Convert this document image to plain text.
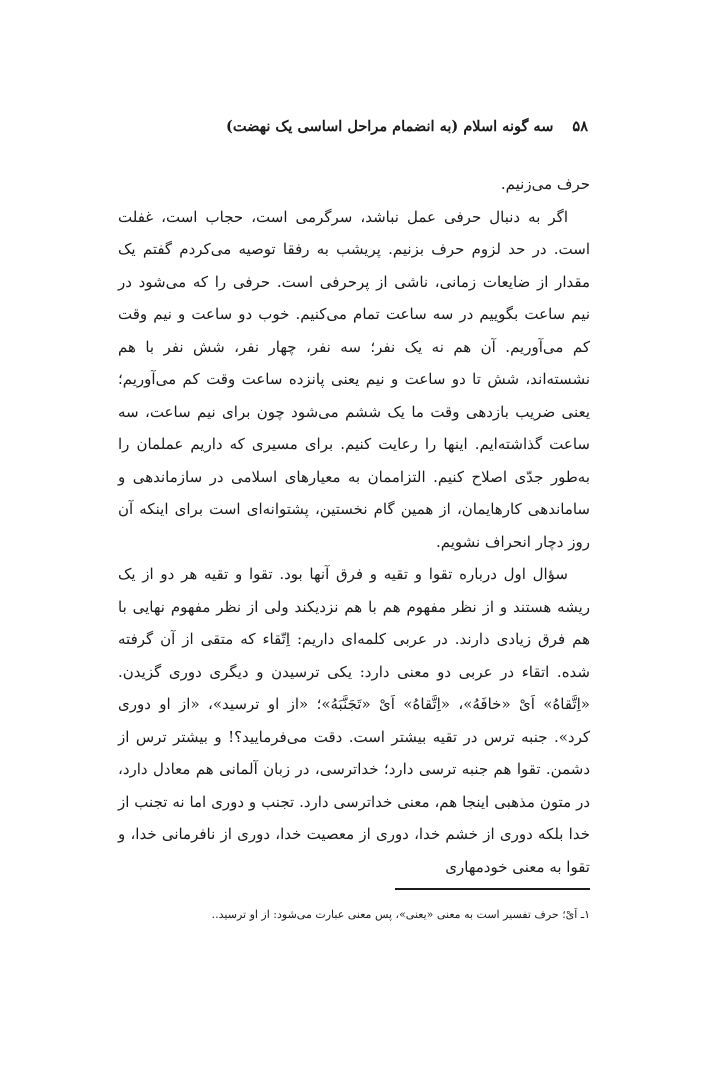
۵۸ سه گونه اسلام (به انضمام مراحل اساسی یک نهضت)

حرف می‌زنیم.

اگر به دنبال حرفی عمل نباشد، سرگرمی است، حجاب است، غفلت است. در حد لزوم حرف بزنیم. پریشب به رفقا توصیه می‌کردم گفتم یک مقدار از ضایعات زمانی، ناشی از پرحرفی است. حرفی را که می‌شود در نیم ساعت بگوییم در سه ساعت تمام می‌کنیم. خوب دو ساعت و نیم وقت کم می‌آوریم. آن هم نه یک نفر؛ سه نفر، چهار نفر، شش نفر با هم نشسته‌اند، شش تا دو ساعت و نیم یعنی پانزده ساعت وقت کم می‌آوریم؛ یعنی ضریب بازدهی وقت ما یک ششم می‌شود چون برای نیم ساعت، سه ساعت گذاشته‌ایم. اینها را رعایت کنیم. برای مسیری که داریم عملمان را به‌طور جدّی اصلاح کنیم. التزاممان به معیارهای اسلامی در سازماندهی و ساماندهی کارهایمان، از همین گام نخستین، پشتوانه‌ای است برای اینکه آن روز دچار انحراف نشویم.

سؤال اول درباره تقوا و تقیه و فرق آنها بود. تقوا و تقیه هر دو از یک ریشه هستند و از نظر مفهوم هم با هم نزدیکند ولی از نظر مفهوم نهایی با هم فرق زیادی دارند. در عربی کلمه‌ای داریم: اِتّقاء که متقی از آن گرفته شده. اتقاء در عربی دو معنی دارد: یکی ترسیدن و دیگری دوری گزیدن. «اِتَّقاهُ» اَیْ «خافَهُ»، «اِتَّقاهُ» اَیْ «تَجَنَّبَهُ»؛ «از او ترسید»، «از او دوری کرد». جنبه ترس در تقیه بیشتر است. دقت می‌فرمایید؟! و بیشتر ترس از دشمن. تقوا هم جنبه ترسی دارد؛ خداترسی، در زبان آلمانی هم معادل دارد، در متون مذهبی اینجا هم، معنی خداترسی دارد. تجنب و دوری اما نه تجنب از خدا بلکه دوری از خشم خدا، دوری از معصیت خدا، دوری از نافرمانی خدا، و تقوا به معنی خودمهاری

۱ـ اَیْ؛ حرف تفسیر است به معنی «یعنی»، پس معنی عبارت می‌شود: از او ترسید..
